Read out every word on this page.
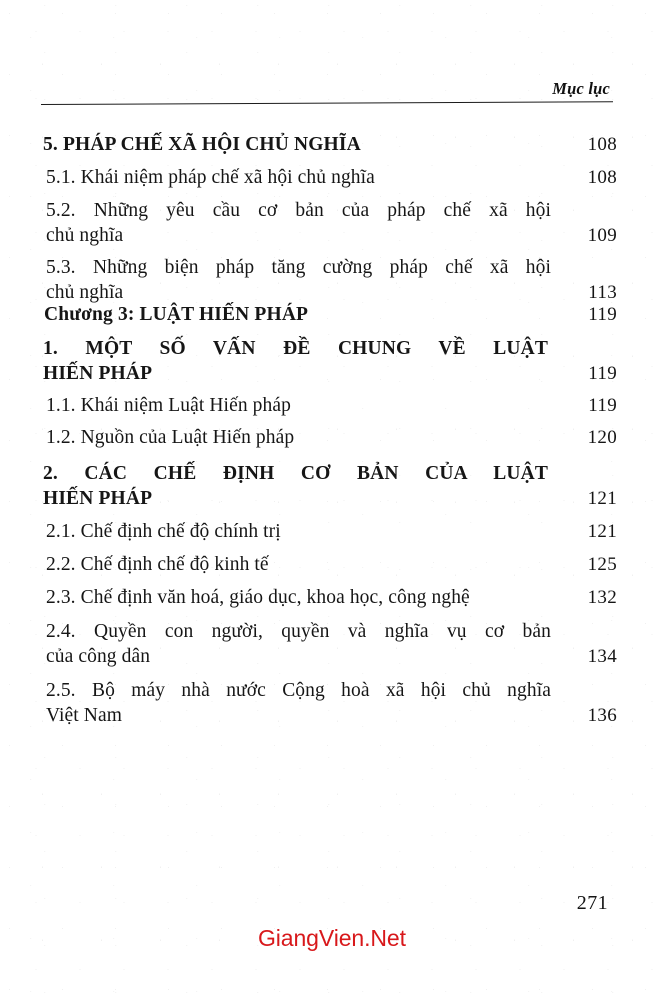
Mục lục
5. PHÁP CHẾ XÃ HỘI CHỦ NGHĨA	108
5.1. Khái niệm pháp chế xã hội chủ nghĩa	108
5.2. Những yêu cầu cơ bản của pháp chế xã hội
chủ nghĩa	109
5.3. Những biện pháp tăng cường pháp chế xã hội
chủ nghĩa	113
Chương 3: LUẬT HIẾN PHÁP	119
1. MỘT SỐ VẤN ĐỀ CHUNG VỀ LUẬT
HIẾN PHÁP	119
1.1. Khái niệm Luật Hiến pháp	119
1.2. Nguồn của Luật Hiến pháp	120
2. CÁC CHẾ ĐỊNH CƠ BẢN CỦA LUẬT
HIẾN PHÁP	121
2.1. Chế định chế độ chính trị	121
2.2. Chế định chế độ kinh tế	125
2.3. Chế định văn hoá, giáo dục, khoa học, công nghệ	132
2.4. Quyền con người, quyền và nghĩa vụ cơ bản
của công dân	134
2.5. Bộ máy nhà nước Cộng hoà xã hội chủ nghĩa
Việt Nam	136
271
GiangVien.Net
